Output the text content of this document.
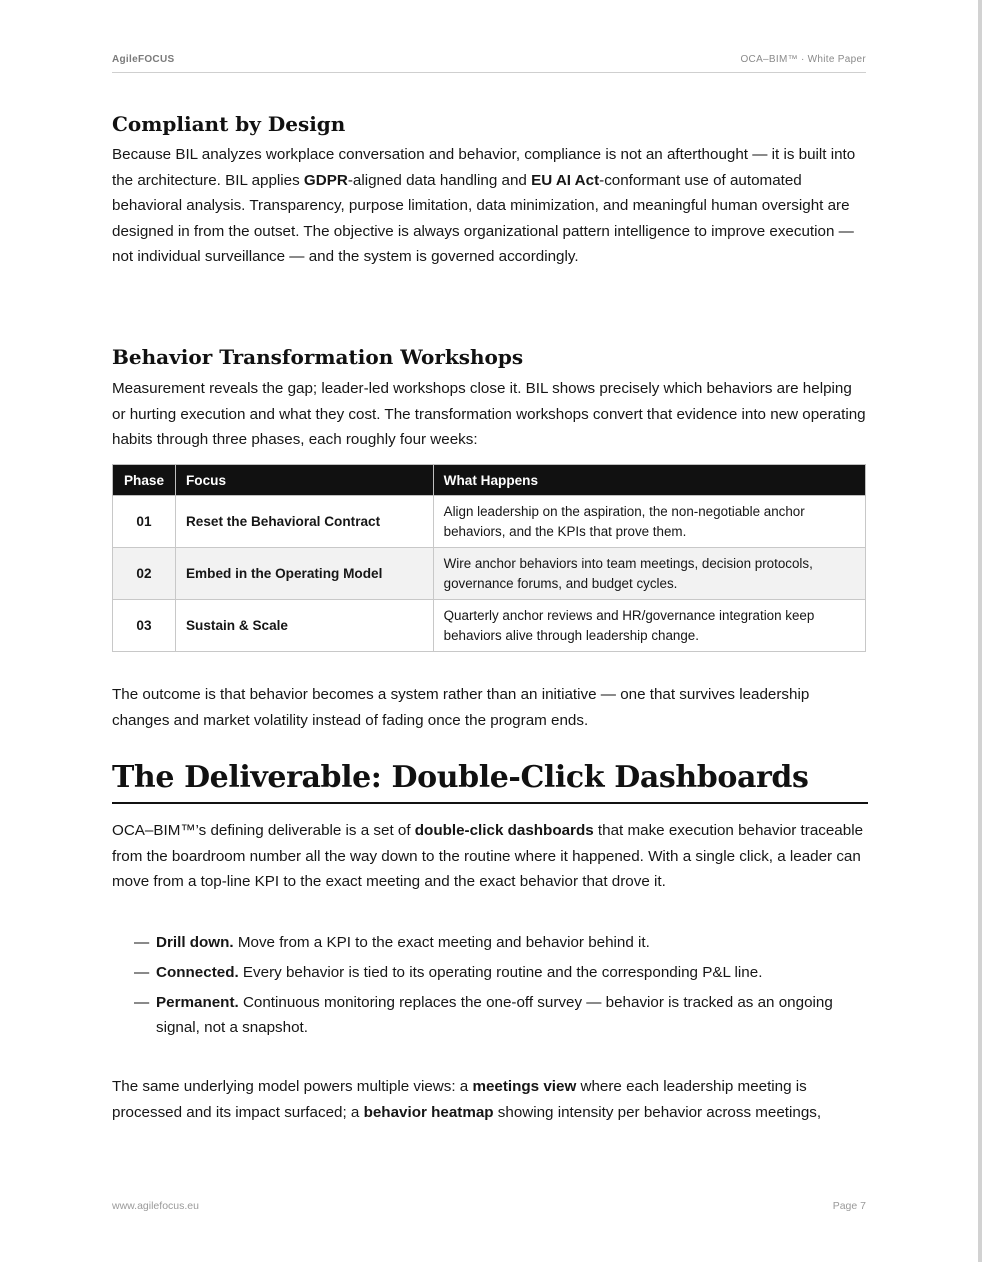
AgileFOCUS	OCA–BIM™ · White Paper
Compliant by Design

Because BIL analyzes workplace conversation and behavior, compliance is not an afterthought — it is built into the architecture. BIL applies GDPR-aligned data handling and EU AI Act-conformant use of automated behavioral analysis. Transparency, purpose limitation, data minimization, and meaningful human oversight are designed in from the outset. The objective is always organizational pattern intelligence to improve execution — not individual surveillance — and the system is governed accordingly.

Behavior Transformation Workshops

Measurement reveals the gap; leader-led workshops close it. BIL shows precisely which behaviors are helping or hurting execution and what they cost. The transformation workshops convert that evidence into new operating habits through three phases, each roughly four weeks:

Phase	Focus	What Happens
01	Reset the Behavioral Contract	Align leadership on the aspiration, the non-negotiable anchor behaviors, and the KPIs that prove them.
02	Embed in the Operating Model	Wire anchor behaviors into team meetings, decision protocols, governance forums, and budget cycles.
03	Sustain & Scale	Quarterly anchor reviews and HR/governance integration keep behaviors alive through leadership change.

The outcome is that behavior becomes a system rather than an initiative — one that survives leadership changes and market volatility instead of fading once the program ends.

The Deliverable: Double-Click Dashboards

OCA–BIM™’s defining deliverable is a set of double-click dashboards that make execution behavior traceable from the boardroom number all the way down to the routine where it happened. With a single click, a leader can move from a top-line KPI to the exact meeting and the exact behavior that drove it.

— Drill down. Move from a KPI to the exact meeting and behavior behind it.
— Connected. Every behavior is tied to its operating routine and the corresponding P&L line.
— Permanent. Continuous monitoring replaces the one-off survey — behavior is tracked as an ongoing signal, not a snapshot.

The same underlying model powers multiple views: a meetings view where each leadership meeting is processed and its impact surfaced; a behavior heatmap showing intensity per behavior across meetings,

www.agilefocus.eu	Page 7
